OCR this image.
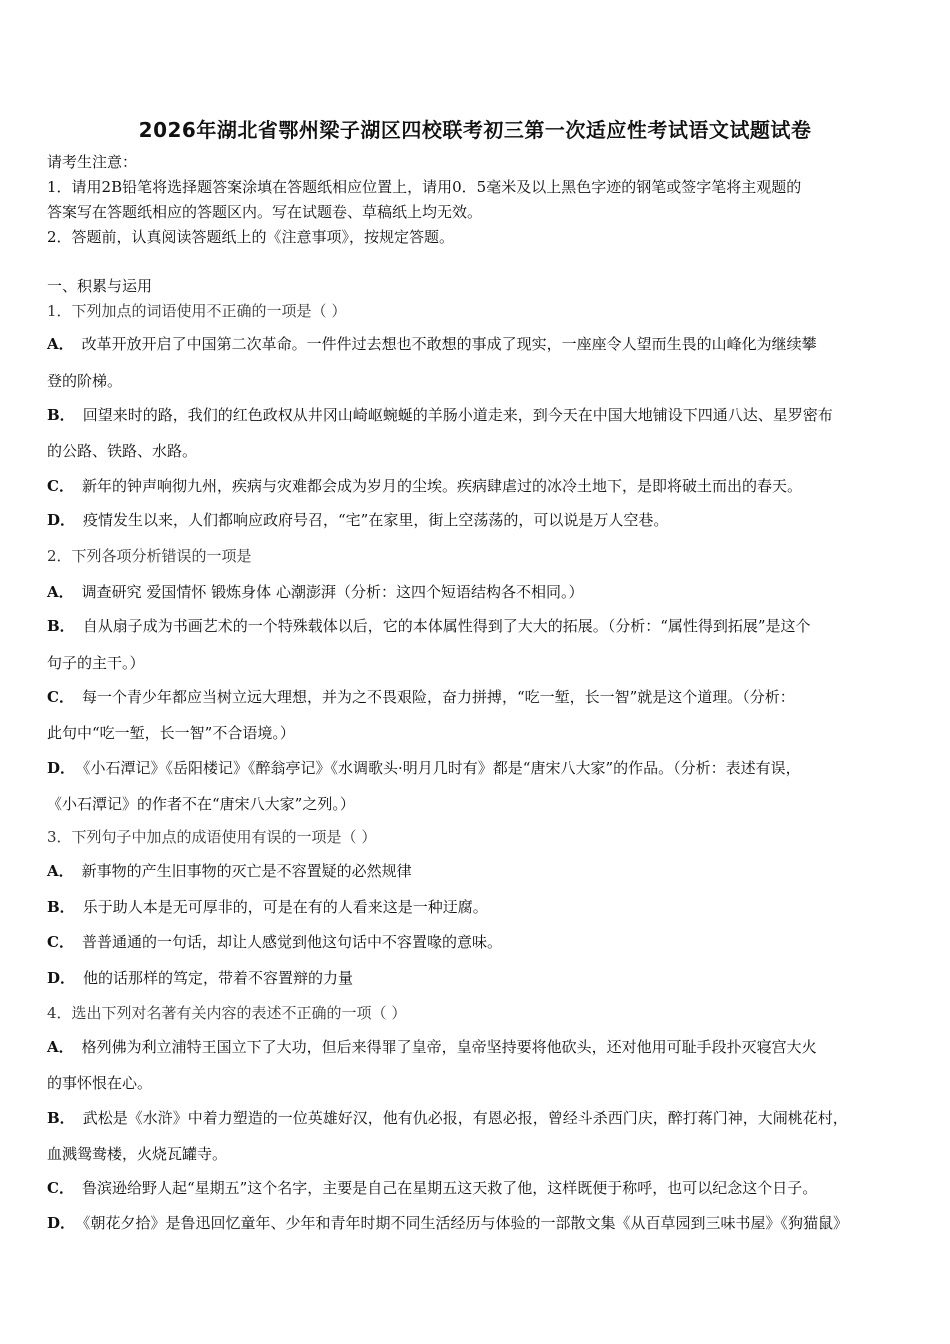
2026年湖北省鄂州梁子湖区四校联考初三第一次适应性考试语文试题试卷
请考生注意：
1．请用2B铅笔将选择题答案涂填在答题纸相应位置上，请用0．5毫米及以上黑色字迹的钢笔或签字笔将主观题的
答案写在答题纸相应的答题区内。写在试题卷、草稿纸上均无效。
2．答题前，认真阅读答题纸上的《注意事项》，按规定答题。
一、积累与运用
1．下列加点的词语使用不正确的一项是（ ）
A． 改革开放开启了中国第二次革命。一件件过去想也不敢想的事成了现实，一座座令人望而生畏的山峰化为继续攀
登的阶梯。
B． 回望来时的路，我们的红色政权从井冈山崎岖蜿蜒的羊肠小道走来，到今天在中国大地铺设下四通八达、星罗密布
的公路、铁路、水路。
C． 新年的钟声响彻九州，疾病与灾难都会成为岁月的尘埃。疾病肆虐过的冰冷土地下，是即将破土而出的春天。
D． 疫情发生以来，人们都响应政府号召，“宅”在家里，街上空荡荡的，可以说是万人空巷。
2．下列各项分析错误的一项是
A． 调查研究 爱国情怀 锻炼身体 心潮澎湃（分析：这四个短语结构各不相同。）
B． 自从扇子成为书画艺术的一个特殊载体以后，它的本体属性得到了大大的拓展。（分析：“属性得到拓展”是这个
句子的主干。）
C． 每一个青少年都应当树立远大理想，并为之不畏艰险，奋力拼搏，“吃一堑，长一智”就是这个道理。（分析：
此句中“吃一堑，长一智”不合语境。）
D． 《小石潭记》《岳阳楼记》《醉翁亭记》《水调歌头·明月几时有》都是“唐宋八大家”的作品。（分析：表述有误，
《小石潭记》的作者不在“唐宋八大家”之列。）
3．下列句子中加点的成语使用有误的一项是（ ）
A． 新事物的产生旧事物的灭亡是不容置疑的必然规律
B． 乐于助人本是无可厚非的，可是在有的人看来这是一种迂腐。
C． 普普通通的一句话，却让人感觉到他这句话中不容置喙的意味。
D． 他的话那样的笃定，带着不容置辩的力量
4．选出下列对名著有关内容的表述不正确的一项（ ）
A． 格列佛为利立浦特王国立下了大功，但后来得罪了皇帝，皇帝坚持要将他砍头，还对他用可耻手段扑灭寝宫大火
的事怀恨在心。
B． 武松是《水浒》中着力塑造的一位英雄好汉，他有仇必报，有恩必报，曾经斗杀西门庆，醉打蒋门神，大闹桃花村，
血溅鸳鸯楼，火烧瓦罐寺。
C． 鲁滨逊给野人起“星期五”这个名字，主要是自己在星期五这天救了他，这样既便于称呼，也可以纪念这个日子。
D． 《朝花夕拾》是鲁迅回忆童年、少年和青年时期不同生活经历与体验的一部散文集《从百草园到三味书屋》《狗猫鼠》
